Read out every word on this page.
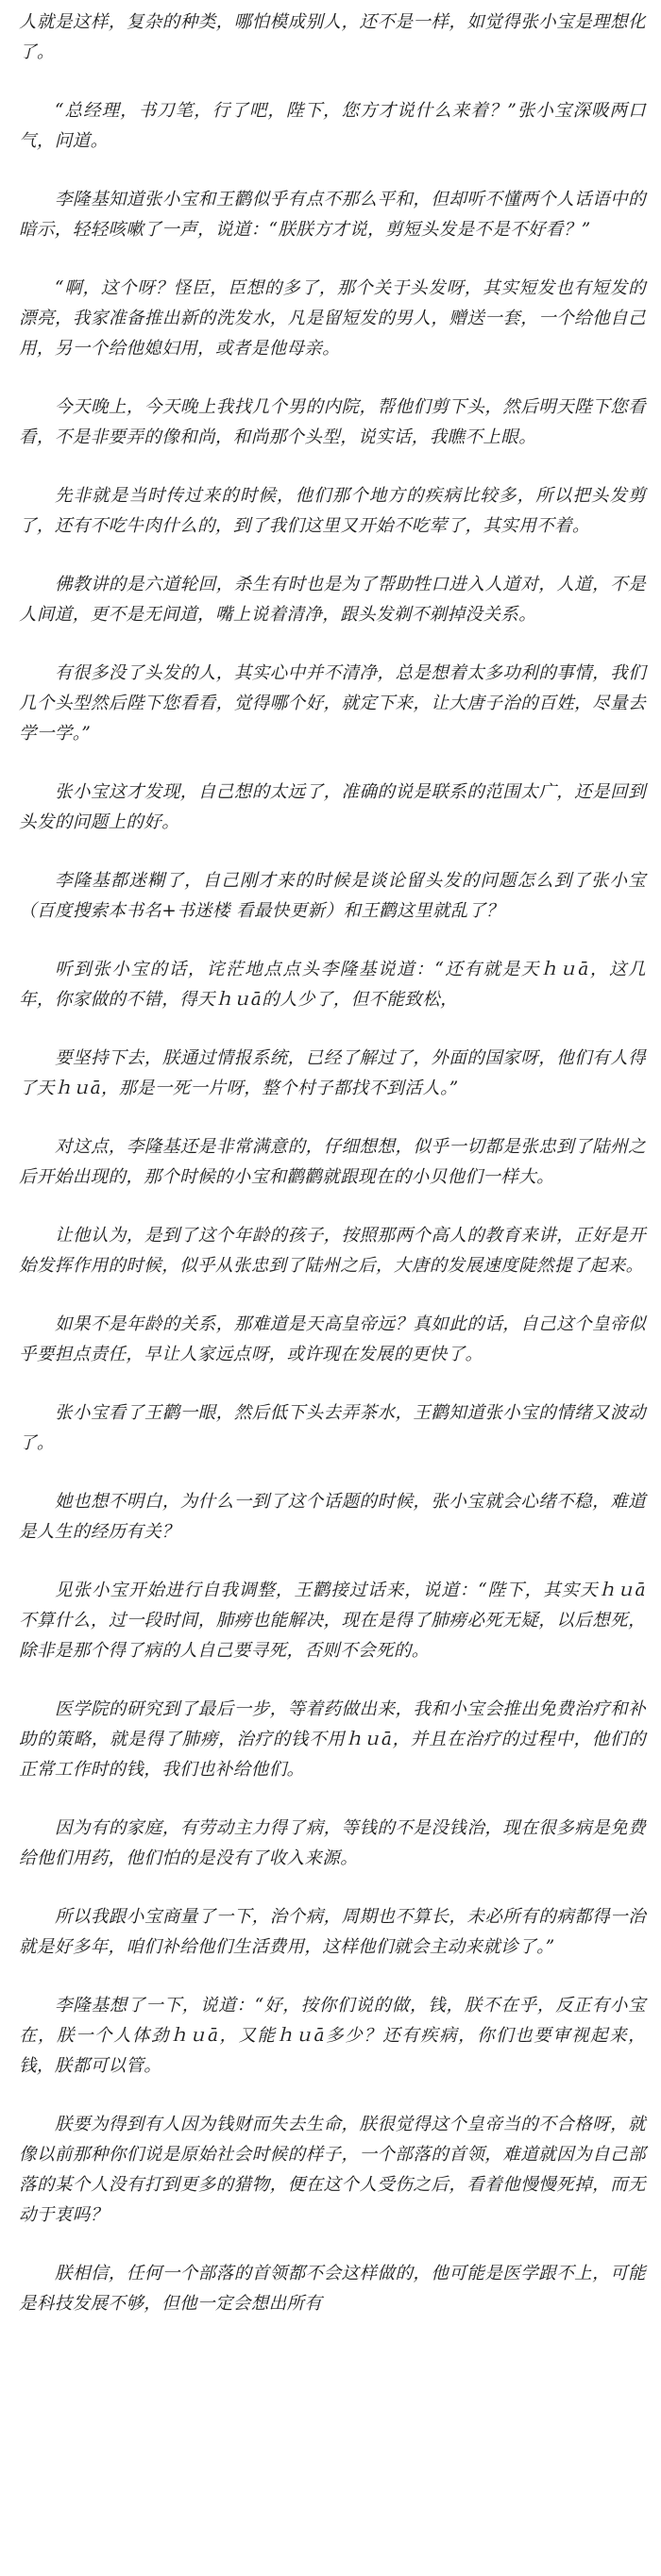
人就是这样，复杂的种类，哪怕模成别人，还不是一样，如觉得张小宝是理想化了。

“总经理，书刀笔，行了吧，陛下，您方才说什么来着？”张小宝深吸两口气，问道。

李隆基知道张小宝和王鹳似乎有点不那么平和，但却听不懂两个人话语中的暗示，轻轻咳嗽了一声，说道：“朕朕方才说，剪短头发是不是不好看？”

“啊，这个呀？怪臣，臣想的多了，那个关于头发呀，其实短发也有短发的漂亮，我家准备推出新的洗发水，凡是留短发的男人，赠送一套，一个给他自己用，另一个给他媳妇用，或者是他母亲。

今天晚上，今天晚上我找几个男的内院，帮他们剪下头，然后明天陛下您看看，不是非要弄的像和尚，和尚那个头型，说实话，我瞧不上眼。

先非就是当时传过来的时候，他们那个地方的疾病比较多，所以把头发剪了，还有不吃牛肉什么的，到了我们这里又开始不吃荤了，其实用不着。

佛教讲的是六道轮回，杀生有时也是为了帮助牲口进入人道对，人道，不是人间道，更不是无间道，嘴上说着清净，跟头发剃不剃掉没关系。

有很多没了头发的人，其实心中并不清净，总是想着太多功利的事情，我们几个头型然后陛下您看看，觉得哪个好，就定下来，让大唐子治的百姓，尽量去学一学。”

张小宝这才发现，自己想的太远了，准确的说是联系的范围太广，还是回到头发的问题上的好。

李隆基都迷糊了，自己刚才来的时候是谈论留头发的问题怎么到了张小宝（百度搜索本书名+书迷楼 看最快更新）和王鹳这里就乱了？

听到张小宝的话，诧茫地点点头李隆基说道：“还有就是天ｈｕā，这几年，你家做的不错，得天ｈｕā的人少了，但不能致松，

要坚持下去，朕通过情报系统，已经了解过了，外面的国家呀，他们有人得了天ｈｕā，那是一死一片呀，整个村子都找不到活人。”

对这点，李隆基还是非常满意的，仔细想想，似乎一切都是张忠到了陆州之后开始出现的，那个时候的小宝和鹳鹳就跟现在的小贝他们一样大。

让他认为，是到了这个年龄的孩子，按照那两个高人的教育来讲，正好是开始发挥作用的时候，似乎从张忠到了陆州之后，大唐的发展速度陡然提了起来。

如果不是年龄的关系，那难道是天高皇帝远？真如此的话，自己这个皇帝似乎要担点责任，早让人家远点呀，或许现在发展的更快了。

张小宝看了王鹳一眼，然后低下头去弄茶水，王鹳知道张小宝的情绪又波动了。

她也想不明白，为什么一到了这个话题的时候，张小宝就会心绪不稳，难道是人生的经历有关？

见张小宝开始进行自我调整，王鹳接过话来，说道：“陛下，其实天ｈｕā不算什么，过一段时间，肺痨也能解决，现在是得了肺痨必死无疑，以后想死，除非是那个得了病的人自己要寻死，否则不会死的。

医学院的研究到了最后一步，等着药做出来，我和小宝会推出免费治疗和补助的策略，就是得了肺痨，治疗的钱不用ｈｕā，并且在治疗的过程中，他们的正常工作时的钱，我们也补给他们。

因为有的家庭，有劳动主力得了病，等钱的不是没钱治，现在很多病是免费给他们用药，他们怕的是没有了收入来源。

所以我跟小宝商量了一下，治个病，周期也不算长，未必所有的病都得一治就是好多年，咱们补给他们生活费用，这样他们就会主动来就诊了。”

李隆基想了一下，说道：“好，按你们说的做，钱，朕不在乎，反正有小宝在，朕一个人体劲ｈｕā，又能ｈｕā多少？还有疾病，你们也要审视起来，钱，朕都可以管。

朕要为得到有人因为钱财而失去生命，朕很觉得这个皇帝当的不合格呀，就像以前那种你们说是原始社会时候的样子，一个部落的首领，难道就因为自己部落的某个人没有打到更多的猎物，便在这个人受伤之后，看着他慢慢死掉，而无动于衷吗？

朕相信，任何一个部落的首领都不会这样做的，他可能是医学跟不上，可能是科技发展不够，但他一定会想出所有
